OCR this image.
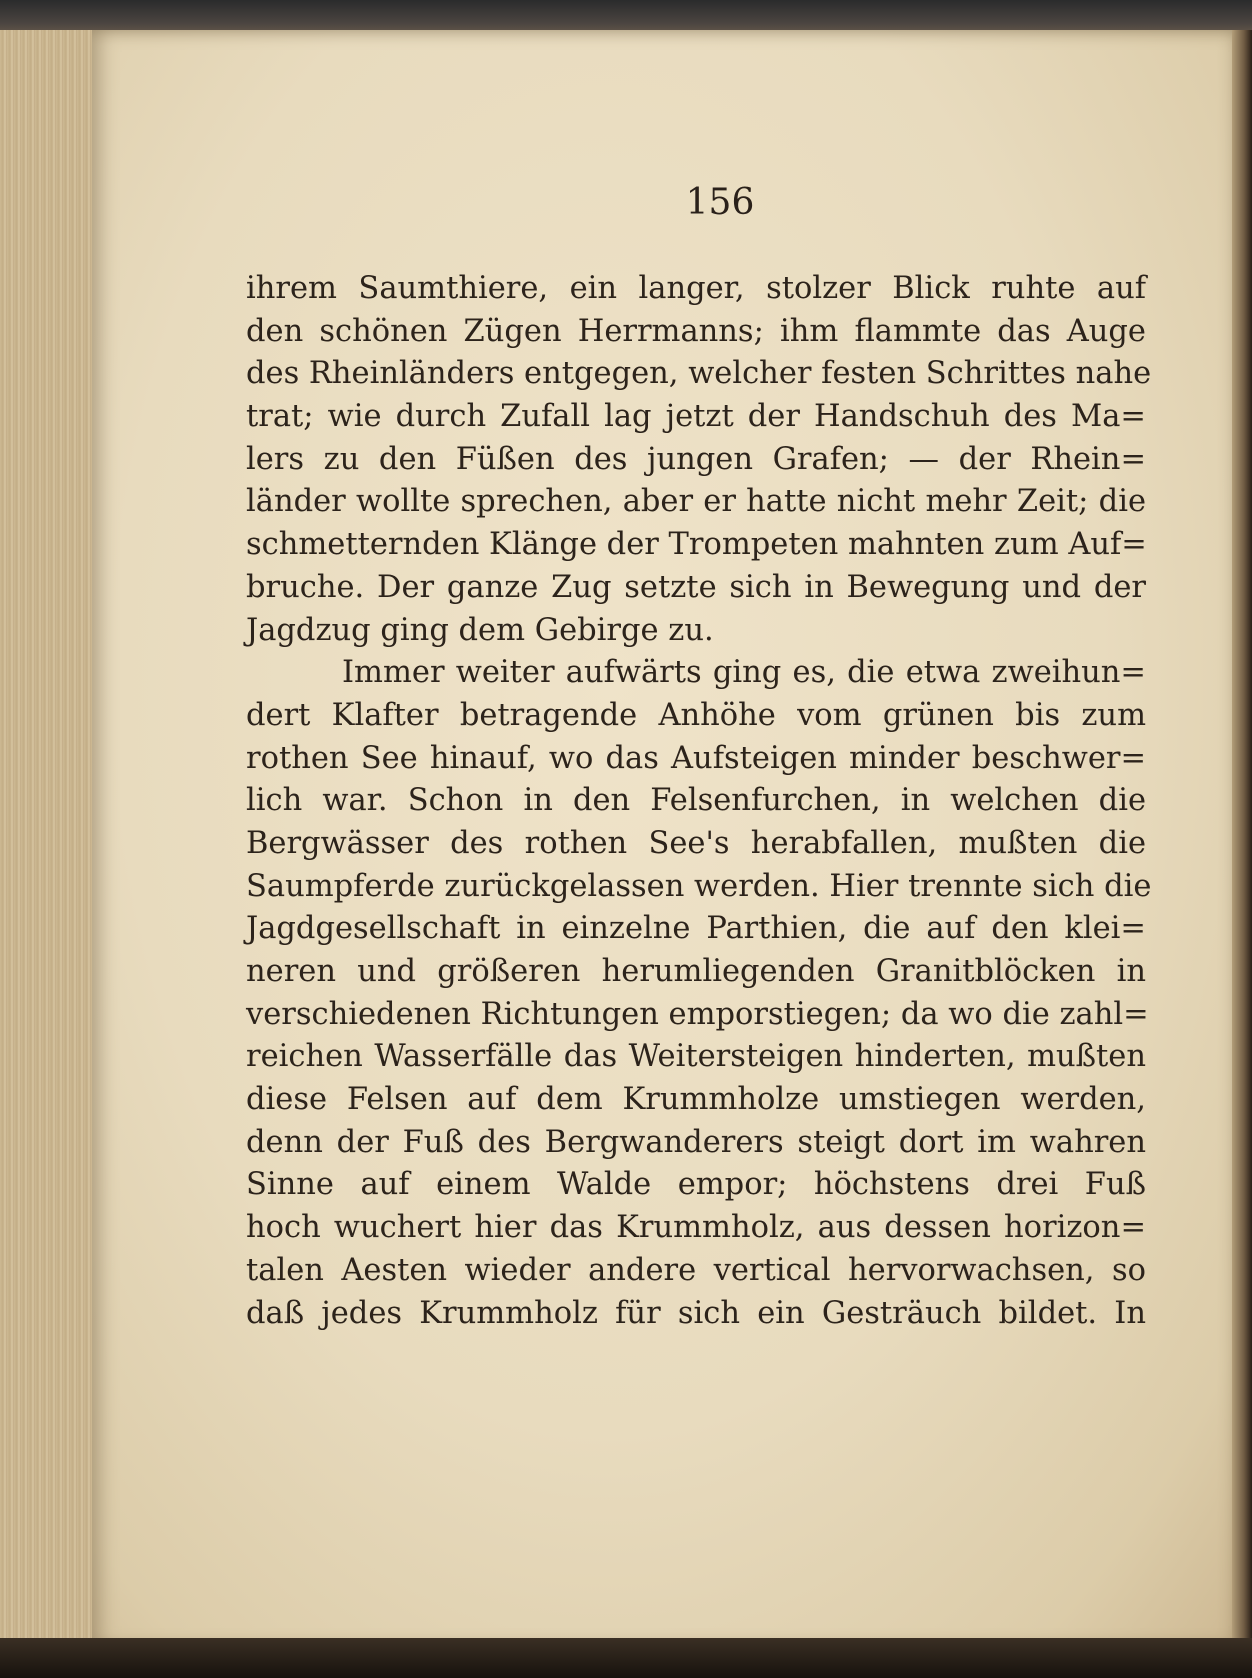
156
ihrem Saumthiere, ein langer, stolzer Blick ruhte auf
den schönen Zügen Herrmanns; ihm flammte das Auge
des Rheinländers entgegen, welcher festen Schrittes nahe
trat; wie durch Zufall lag jetzt der Handschuh des Ma=
lers zu den Füßen des jungen Grafen; — der Rhein=
länder wollte sprechen, aber er hatte nicht mehr Zeit; die
schmetternden Klänge der Trompeten mahnten zum Auf=
bruche. Der ganze Zug setzte sich in Bewegung und der
Jagdzug ging dem Gebirge zu.
Immer weiter aufwärts ging es, die etwa zweihun=
dert Klafter betragende Anhöhe vom grünen bis zum
rothen See hinauf, wo das Aufsteigen minder beschwer=
lich war. Schon in den Felsenfurchen, in welchen die
Bergwässer des rothen See's herabfallen, mußten die
Saumpferde zurückgelassen werden. Hier trennte sich die
Jagdgesellschaft in einzelne Parthien, die auf den klei=
neren und größeren herumliegenden Granitblöcken in
verschiedenen Richtungen emporstiegen; da wo die zahl=
reichen Wasserfälle das Weitersteigen hinderten, mußten
diese Felsen auf dem Krummholze umstiegen werden,
denn der Fuß des Bergwanderers steigt dort im wahren
Sinne auf einem Walde empor; höchstens drei Fuß
hoch wuchert hier das Krummholz, aus dessen horizon=
talen Aesten wieder andere vertical hervorwachsen, so
daß jedes Krummholz für sich ein Gesträuch bildet. In
